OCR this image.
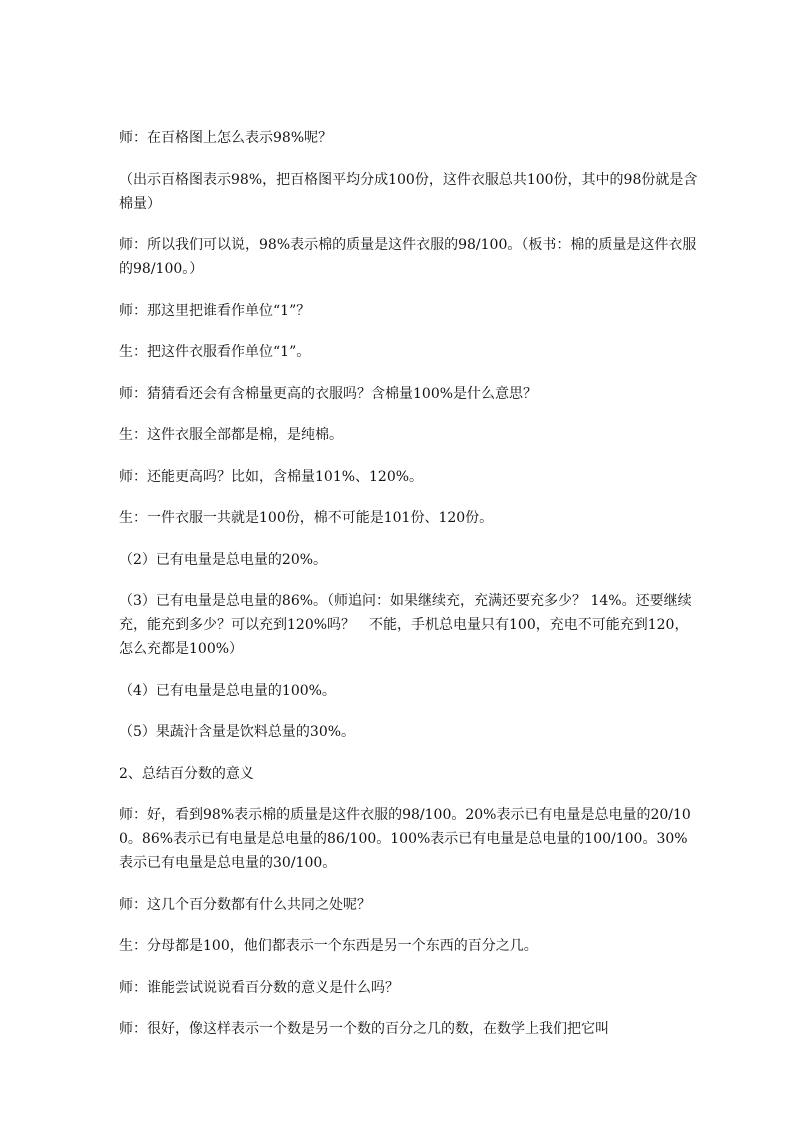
师：在百格图上怎么表示98%呢？

（出示百格图表示98%，把百格图平均分成100份，这件衣服总共100份，其中的98份就是含棉量）

师：所以我们可以说，98%表示棉的质量是这件衣服的98/100。（板书：棉的质量是这件衣服的98/100。）

师：那这里把谁看作单位“1”？

生：把这件衣服看作单位“1”。

师：猜猜看还会有含棉量更高的衣服吗？含棉量100%是什么意思？

生：这件衣服全部都是棉，是纯棉。

师：还能更高吗？比如，含棉量101%、120%。

生：一件衣服一共就是100份，棉不可能是101份、120份。

（2）已有电量是总电量的20%。

（3）已有电量是总电量的86%。（师追问：如果继续充，充满还要充多少？ 14%。还要继续充，能充到多少？可以充到120%吗？　不能，手机总电量只有100，充电不可能充到120，怎么充都是100%）

（4）已有电量是总电量的100%。

（5）果蔬汁含量是饮料总量的30%。

2、总结百分数的意义

师：好，看到98%表示棉的质量是这件衣服的98/100。20%表示已有电量是总电量的20/100。86%表示已有电量是总电量的86/100。100%表示已有电量是总电量的100/100。30%表示已有电量是总电量的30/100。

师：这几个百分数都有什么共同之处呢？

生：分母都是100，他们都表示一个东西是另一个东西的百分之几。

师：谁能尝试说说看百分数的意义是什么吗？

师：很好，像这样表示一个数是另一个数的百分之几的数，在数学上我们把它叫
